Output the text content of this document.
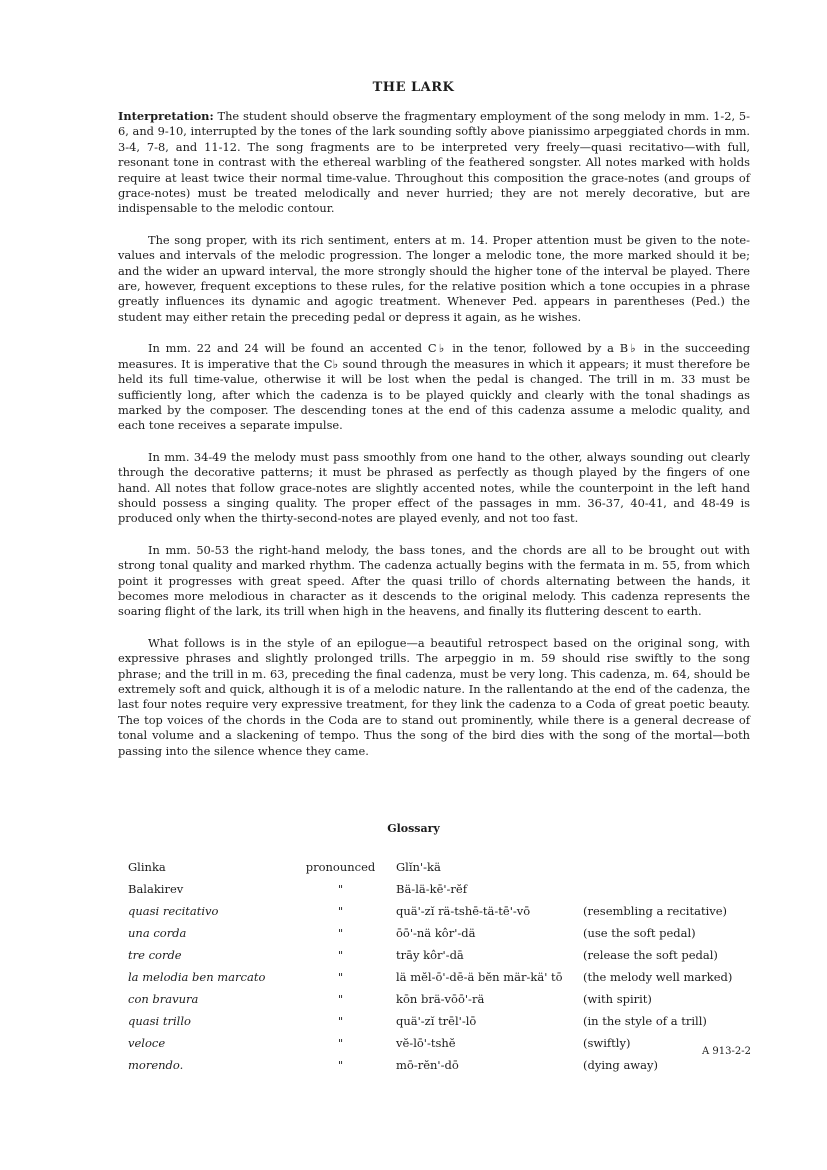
THE LARK

Interpretation: The student should observe the fragmentary employment of the song melody in mm. 1-2, 5-6, and 9-10, interrupted by the tones of the lark sounding softly above pianissimo arpeggiated chords in mm. 3-4, 7-8, and 11-12. The song fragments are to be interpreted very freely—quasi recitativo—with full, resonant tone in contrast with the ethereal warbling of the feathered songster. All notes marked with holds require at least twice their normal time-value. Throughout this composition the grace-notes (and groups of grace-notes) must be treated melodically and never hurried; they are not merely decorative, but are indispensable to the melodic contour.

The song proper, with its rich sentiment, enters at m. 14. Proper attention must be given to the note-values and intervals of the melodic progression. The longer a melodic tone, the more marked should it be; and the wider an upward interval, the more strongly should the higher tone of the interval be played. There are, however, frequent exceptions to these rules, for the relative position which a tone occupies in a phrase greatly influences its dynamic and agogic treatment. Whenever Ped. appears in parentheses (Ped.) the student may either retain the preceding pedal or depress it again, as he wishes.

In mm. 22 and 24 will be found an accented C♭ in the tenor, followed by a B♭ in the succeeding measures. It is imperative that the C♭ sound through the measures in which it appears; it must therefore be held its full time-value, otherwise it will be lost when the pedal is changed. The trill in m. 33 must be sufficiently long, after which the cadenza is to be played quickly and clearly with the tonal shadings as marked by the composer. The descending tones at the end of this cadenza assume a melodic quality, and each tone receives a separate impulse.

In mm. 34-49 the melody must pass smoothly from one hand to the other, always sounding out clearly through the decorative patterns; it must be phrased as perfectly as though played by the fingers of one hand. All notes that follow grace-notes are slightly accented notes, while the counterpoint in the left hand should possess a singing quality. The proper effect of the passages in mm. 36-37, 40-41, and 48-49 is produced only when the thirty-second-notes are played evenly, and not too fast.

In mm. 50-53 the right-hand melody, the bass tones, and the chords are all to be brought out with strong tonal quality and marked rhythm. The cadenza actually begins with the fermata in m. 55, from which point it progresses with great speed. After the quasi trillo of chords alternating between the hands, it becomes more melodious in character as it descends to the original melody. This cadenza represents the soaring flight of the lark, its trill when high in the heavens, and finally its fluttering descent to earth.

What follows is in the style of an epilogue—a beautiful retrospect based on the original song, with expressive phrases and slightly prolonged trills. The arpeggio in m. 59 should rise swiftly to the song phrase; and the trill in m. 63, preceding the final cadenza, must be very long. This cadenza, m. 64, should be extremely soft and quick, although it is of a melodic nature. In the rallentando at the end of the cadenza, the last four notes require very expressive treatment, for they link the cadenza to a Coda of great poetic beauty. The top voices of the chords in the Coda are to stand out prominently, while there is a general decrease of tonal volume and a slackening of tempo. Thus the song of the bird dies with the song of the mortal—both passing into the silence whence they came.

Glossary
Glinka	pronounced	Glĭn'-kä	
Balakirev	"	Bä-lä-kē'-rĕf	
quasi recitativo	"	quä'-zĭ rä-tshē-tä-tē'-vō	(resembling a recitative)
una corda	"	ōō'-nä kôr'-dä	(use the soft pedal)
tre corde	"	trāy kôr'-dā	(release the soft pedal)
la melodia ben marcato	"	lä mĕl-ō'-dē-ä bĕn mär-kä' tō	(the melody well marked)
con bravura	"	kōn brä-vōō'-rä	(with spirit)
quasi trillo	"	quä'-zĭ trēl'-lō	(in the style of a trill)
veloce	"	vĕ-lō'-tshĕ	(swiftly)
morendo.	"	mō-rĕn'-dō	(dying away)
A 913-2-2
